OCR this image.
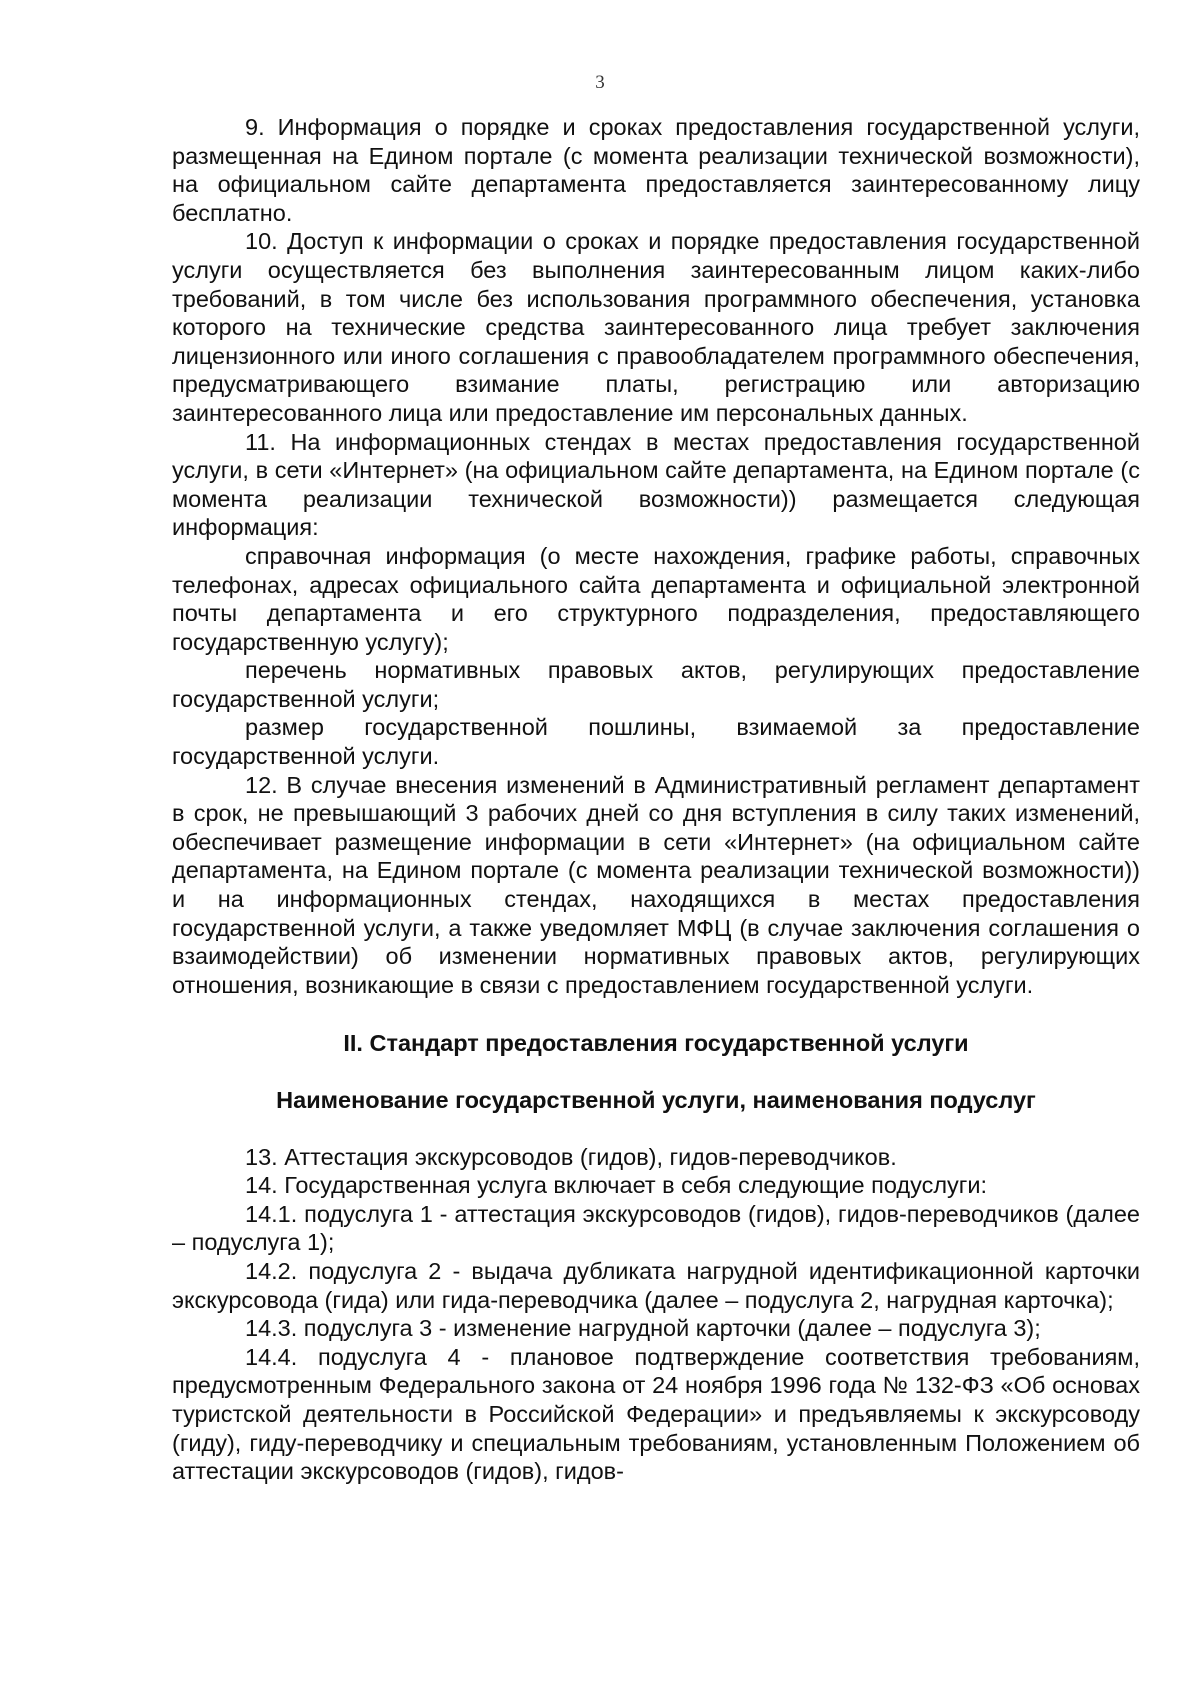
3

9. Информация о порядке и сроках предоставления государственной услуги, размещенная на Едином портале (с момента реализации технической возможности), на официальном сайте департамента предоставляется заинтересованному лицу бесплатно.

10. Доступ к информации о сроках и порядке предоставления государственной услуги осуществляется без выполнения заинтересованным лицом каких-либо требований, в том числе без использования программного обеспечения, установка которого на технические средства заинтересованного лица требует заключения лицензионного или иного соглашения с правообладателем программного обеспечения, предусматривающего взимание платы, регистрацию или авторизацию заинтересованного лица или предоставление им персональных данных.

11. На информационных стендах в местах предоставления государственной услуги, в сети «Интернет» (на официальном сайте департамента, на Едином портале (с момента реализации технической возможности)) размещается следующая информация:

справочная информация (о месте нахождения, графике работы, справочных телефонах, адресах официального сайта департамента и официальной электронной почты департамента и его структурного подразделения, предоставляющего государственную услугу);

перечень нормативных правовых актов, регулирующих предоставление государственной услуги;

размер государственной пошлины, взимаемой за предоставление государственной услуги.

12. В случае внесения изменений в Административный регламент департамент в срок, не превышающий 3 рабочих дней со дня вступления в силу таких изменений, обеспечивает размещение информации в сети «Интернет» (на официальном сайте департамента, на Едином портале (с момента реализации технической возможности)) и на информационных стендах, находящихся в местах предоставления государственной услуги, а также уведомляет МФЦ (в случае заключения соглашения о взаимодействии) об изменении нормативных правовых актов, регулирующих отношения, возникающие в связи с предоставлением государственной услуги.

II. Стандарт предоставления государственной услуги

Наименование государственной услуги, наименования подуслуг

13. Аттестация экскурсоводов (гидов), гидов-переводчиков.

14. Государственная услуга включает в себя следующие подуслуги:

14.1. подуслуга 1 - аттестация экскурсоводов (гидов), гидов-переводчиков (далее – подуслуга 1);

14.2. подуслуга 2 - выдача дубликата нагрудной идентификационной карточки экскурсовода (гида) или гида-переводчика (далее – подуслуга 2, нагрудная карточка);

14.3. подуслуга 3 - изменение нагрудной карточки (далее – подуслуга 3);

14.4. подуслуга 4 - плановое подтверждение соответствия требованиям, предусмотренным Федерального закона от 24 ноября 1996 года № 132-ФЗ «Об основах туристской деятельности в Российской Федерации» и предъявляемы к экскурсоводу (гиду), гиду-переводчику и специальным требованиям, установленным Положением об аттестации экскурсоводов (гидов), гидов-
